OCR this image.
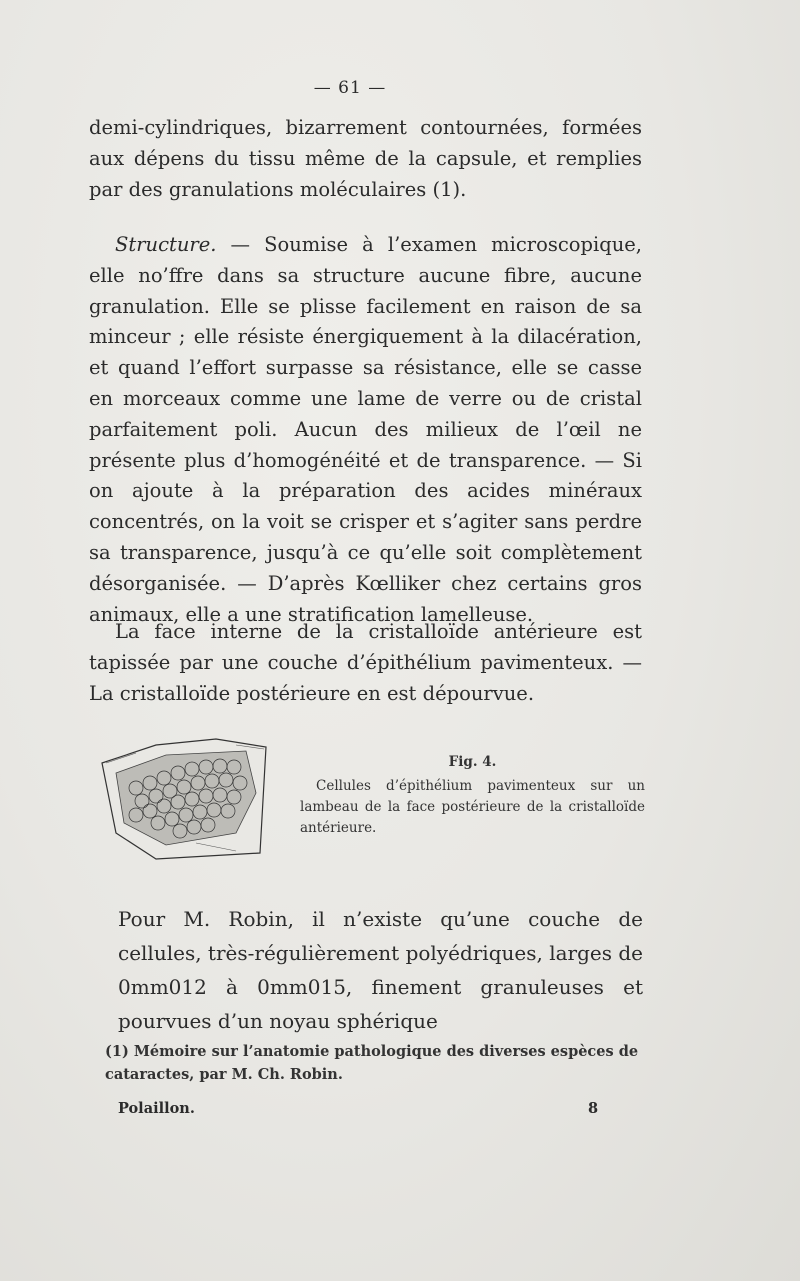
— 61 —

demi-cylindriques, bizarrement contournées, formées aux dépens du tissu même de la capsule, et remplies par des granulations moléculaires (1).

Structure. — Soumise à l’examen microscopique, elle no’ffre dans sa structure aucune fibre, aucune granulation. Elle se plisse facilement en raison de sa minceur ; elle résiste énergiquement à la dilacération, et quand l’effort surpasse sa résistance, elle se casse en morceaux comme une lame de verre ou de cristal parfaitement poli. Aucun des milieux de l’œil ne présente plus d’homogénéité et de transparence. — Si on ajoute à la préparation des acides minéraux concentrés, on la voit se crisper et s’agiter sans perdre sa transparence, jusqu’à ce qu’elle soit complètement désorganisée. — D’après Kœlliker chez certains gros animaux, elle a une stratification lamelleuse.

La face interne de la cristalloïde antérieure est tapissée par une couche d’épithélium pavimenteux. — La cristalloïde postérieure en est dépourvue.

Fig. 4.
Cellules d’épithélium pavimenteux sur un lambeau de la face postérieure de la cristalloïde antérieure.

Pour M. Robin, il n’existe qu’une couche de cellules, très-régulièrement polyédriques, larges de 0mm012 à 0mm015, finement granuleuses et pourvues d’un noyau sphérique

(1) Mémoire sur l’anatomie pathologique des diverses espèces de cataractes, par M. Ch. Robin.
Polaillon.	8
